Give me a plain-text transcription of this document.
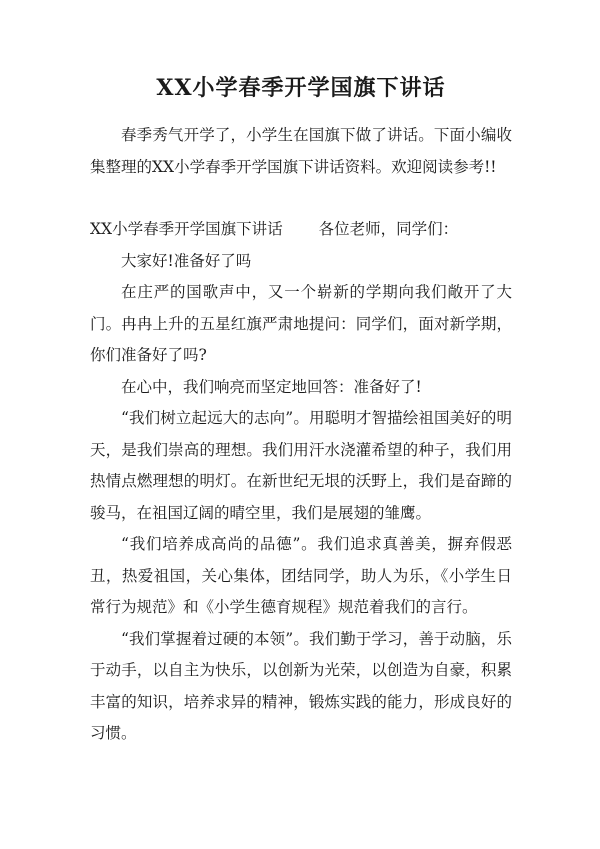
XX小学春季开学国旗下讲话

春季秀气开学了，小学生在国旗下做了讲话。下面小编收集整理的XX小学春季开学国旗下讲话资料。欢迎阅读参考!!

XX小学春季开学国旗下讲话 各位老师，同学们：

大家好!准备好了吗

在庄严的国歌声中，又一个崭新的学期向我们敞开了大门。冉冉上升的五星红旗严肃地提问：同学们，面对新学期，你们准备好了吗?

在心中，我们响亮而坚定地回答：准备好了!

“我们树立起远大的志向”。用聪明才智描绘祖国美好的明天，是我们崇高的理想。我们用汗水浇灌希望的种子，我们用热情点燃理想的明灯。在新世纪无垠的沃野上，我们是奋蹄的骏马，在祖国辽阔的晴空里，我们是展翅的雏鹰。

“我们培养成高尚的品德”。我们追求真善美，摒弃假恶丑，热爱祖国，关心集体，团结同学，助人为乐，《小学生日常行为规范》和《小学生德育规程》规范着我们的言行。

“我们掌握着过硬的本领”。我们勤于学习，善于动脑，乐于动手，以自主为快乐，以创新为光荣，以创造为自豪，积累丰富的知识，培养求异的精神，锻炼实践的能力，形成良好的习惯。
